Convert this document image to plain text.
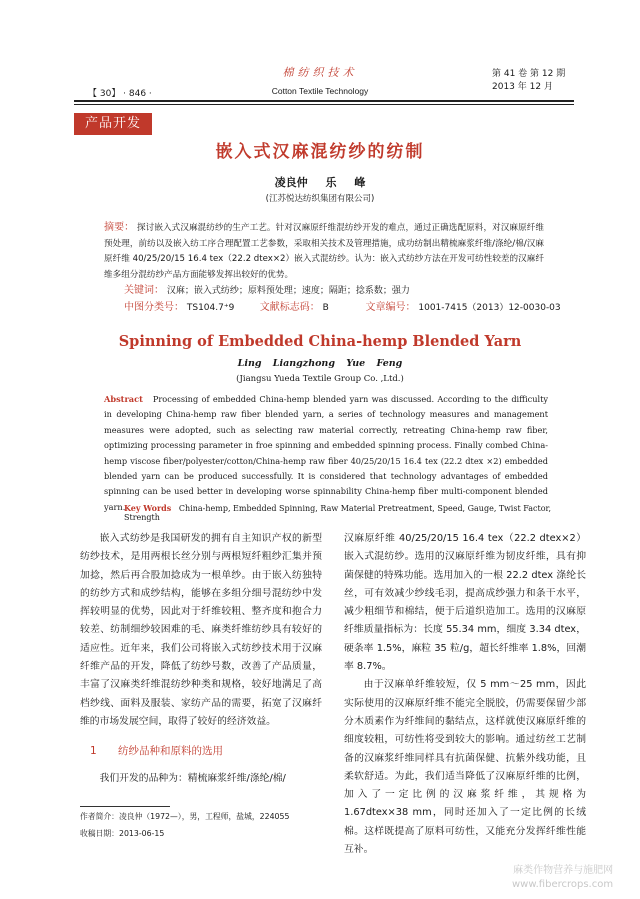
【 30】 · 846 ·
棉纺织技术
Cotton Textile Technology
第 41 卷 第 12 期
2013 年 12 月
产品开发
嵌入式汉麻混纺纱的纺制
凌良仲 乐 峰
(江苏悦达纺织集团有限公司)
摘要： 探讨嵌入式汉麻混纺纱的生产工艺。针对汉麻原纤维混纺纱开发的难点，通过正确选配原料，对汉麻原纤维预处理，前纺以及嵌入纺工序合理配置工艺参数，采取相关技术及管理措施，成功纺制出精梳麻浆纤维/涤纶/棉/汉麻原纤维 40/25/20/15 16.4 tex（22.2 dtex×2）嵌入式混纺纱。认为：嵌入式纺纱方法在开发可纺性较差的汉麻纤维多组分混纺纱产品方面能够发挥出较好的优势。
关键词： 汉麻；嵌入式纺纱；原料预处理；速度；隔距；捻系数；强力
中图分类号： TS104.7⁺9	文献标志码： B	文章编号： 1001-7415（2013）12-0030-03
Spinning of Embedded China-hemp Blended Yarn
Ling Liangzhong Yue Feng
(Jiangsu Yueda Textile Group Co. ,Ltd.)
Abstract Processing of embedded China-hemp blended yarn was discussed. According to the difficulty in developing China-hemp raw fiber blended yarn, a series of technology measures and management measures were adopted, such as selecting raw material correctly, retreating China-hemp raw fiber, optimizing processing parameter in froe spinning and embedded spinning process. Finally combed China-hemp viscose fiber/polyester/cotton/China-hemp raw fiber 40/25/20/15 16.4 tex (22.2 dtex ×2) embedded blended yarn can be produced successfully. It is considered that technology advantages of embedded spinning can be used better in developing worse spinnability China-hemp fiber multi-component blended yarn.
Key Words China-hemp, Embedded Spinning, Raw Material Pretreatment, Speed, Gauge, Twist Factor, Strength

嵌入式纺纱是我国研发的拥有自主知识产权的新型纺纱技术，是用两根长丝分别与两根短纤粗纱汇集并预加捻，然后再合股加捻成为一根单纱。由于嵌入纺独特的纺纱方式和成纱结构，能够在多组分细号混纺纱中发挥较明显的优势，因此对于纤维较粗、整齐度和抱合力较差、纺制细纱较困难的毛、麻类纤维纺纱具有较好的适应性。近年来，我们公司将嵌入式纺纱技术用于汉麻纤维产品的开发，降低了纺纱号数，改善了产品质量，丰富了汉麻类纤维混纺纱种类和规格，较好地满足了高档纱线、面料及服装、家纺产品的需要，拓宽了汉麻纤维的市场发展空间，取得了较好的经济效益。

1 纺纱品种和原料的选用
我们开发的品种为：精梳麻浆纤维/涤纶/棉/

汉麻原纤维 40/25/20/15 16.4 tex（22.2 dtex×2）嵌入式混纺纱。选用的汉麻原纤维为韧皮纤维，具有抑菌保健的特殊功能。选用加入的一根 22.2 dtex 涤纶长丝，可有效减少纱线毛羽，提高成纱强力和条干水平，减少粗细节和棉结，便于后道织造加工。选用的汉麻原纤维质量指标为：长度 55.34 mm，细度 3.34 dtex，硬条率 1.5%，麻粒 35 粒/g，超长纤维率 1.8%，回潮率 8.7%。

由于汉麻单纤维较短，仅 5 mm～25 mm，因此实际使用的汉麻原纤维不能完全脱胶，仍需要保留少部分木质素作为纤维间的黏结点，这样就使汉麻原纤维的细度较粗，可纺性将受到较大的影响。通过纺丝工艺制备的汉麻浆纤维同样具有抗菌保健、抗紫外线功能，且柔软舒适。为此，我们适当降低了汉麻原纤维的比例，加入了一定比例的汉麻浆纤维，其规格为 1.67dtex×38 mm，同时还加入了一定比例的长绒棉。这样既提高了原料可纺性，又能充分发挥纤维性能互补。

作者简介：凌良仲（1972—），男，工程师，盐城，224055
收稿日期：2013-06-15
麻类作物营养与施肥网
www.fibercrops.com
